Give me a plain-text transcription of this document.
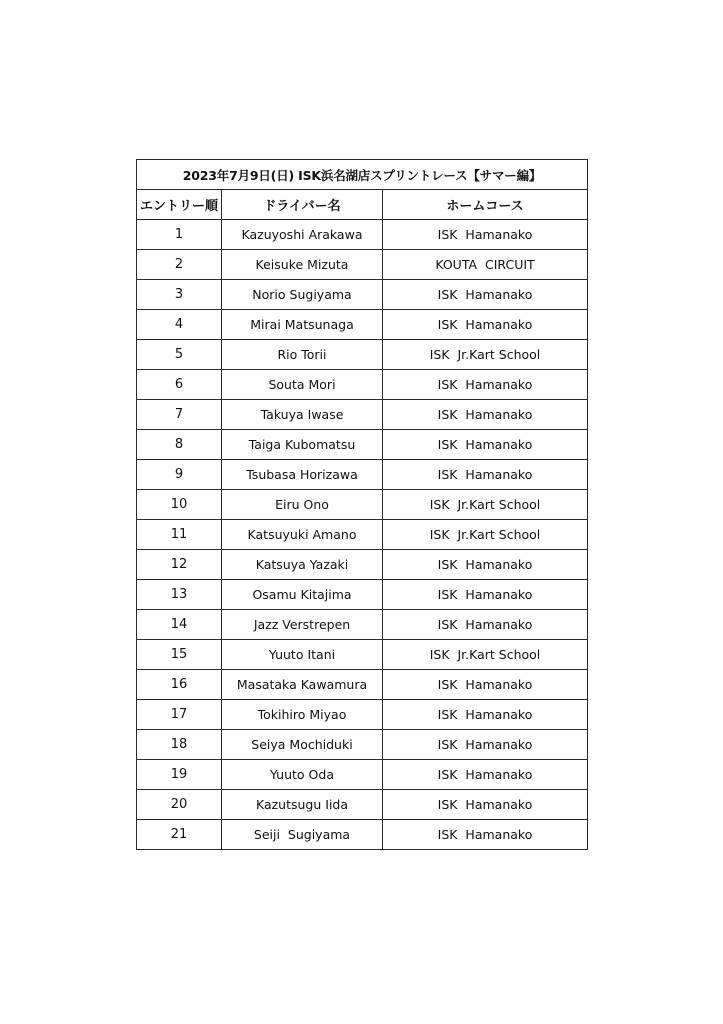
2023年7月9日(日) ISK浜名湖店スプリントレース【サマー編】		
エントリー順	ドライバー名	ホームコース
1	Kazuyoshi Arakawa	ISK  Hamanako
2	Keisuke Mizuta	KOUTA  CIRCUIT
3	Norio Sugiyama	ISK  Hamanako
4	Mirai Matsunaga	ISK  Hamanako
5	Rio Torii	ISK  Jr.Kart School
6	Souta Mori	ISK  Hamanako
7	Takuya Iwase	ISK  Hamanako
8	Taiga Kubomatsu	ISK  Hamanako
9	Tsubasa Horizawa	ISK  Hamanako
10	Eiru Ono	ISK  Jr.Kart School
11	Katsuyuki Amano	ISK  Jr.Kart School
12	Katsuya Yazaki	ISK  Hamanako
13	Osamu Kitajima	ISK  Hamanako
14	Jazz Verstrepen	ISK  Hamanako
15	Yuuto Itani	ISK  Jr.Kart School
16	Masataka Kawamura	ISK  Hamanako
17	Tokihiro Miyao	ISK  Hamanako
18	Seiya Mochiduki	ISK  Hamanako
19	Yuuto Oda	ISK  Hamanako
20	Kazutsugu Iida	ISK  Hamanako
21	Seiji  Sugiyama	ISK  Hamanako
